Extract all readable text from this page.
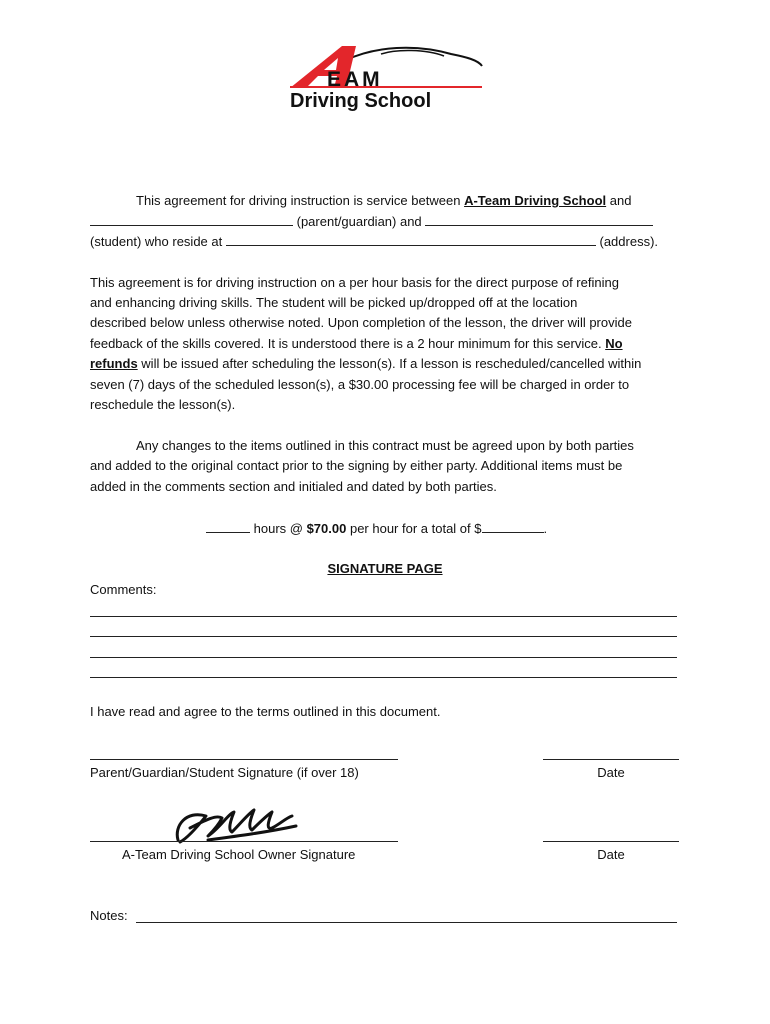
EAM
Driving School
This agreement for driving instruction is service between A-Team Driving School and
(parent/guardian) and
(student) who reside at	(address).
This agreement is for driving instruction on a per hour basis for the direct purpose of refining
and enhancing driving skills. The student will be picked up/dropped off at the location
described below unless otherwise noted. Upon completion of the lesson, the driver will provide
feedback of the skills covered. It is understood there is a 2 hour minimum for this service. No
refunds will be issued after scheduling the lesson(s). If a lesson is rescheduled/cancelled within
seven (7) days of the scheduled lesson(s), a $30.00 processing fee will be charged in order to
reschedule the lesson(s).
Any changes to the items outlined in this contract must be agreed upon by both parties
and added to the original contact prior to the signing by either party. Additional items must be
added in the comments section and initialed and dated by both parties.
hours @ $70.00 per hour for a total of $	.
SIGNATURE PAGE
Comments:
I have read and agree to the terms outlined in this document.
Parent/Guardian/Student Signature (if over 18)	Date
A-Team Driving School Owner Signature	Date
Notes:
